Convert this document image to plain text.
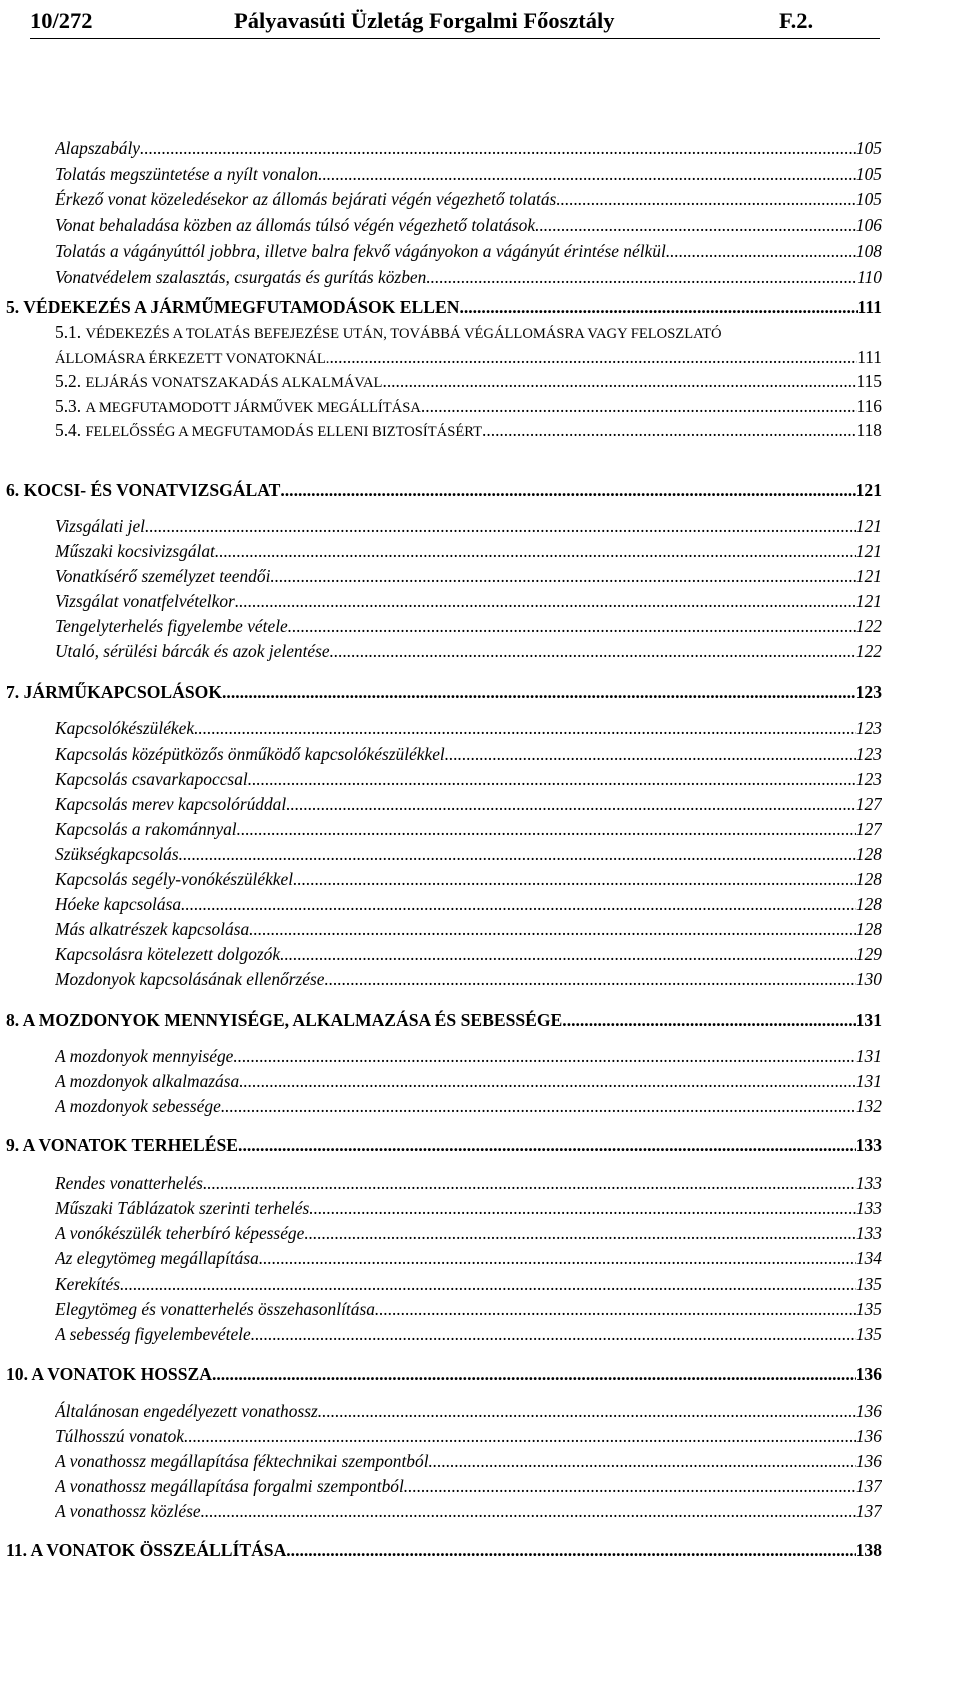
10/272	Pályavasúti Üzletág Forgalmi Főosztály	F.2.
Alapszabály .....	105
Tolatás megszüntetése a nyílt vonalon .....	105
Érkező vonat közeledésekor az állomás bejárati végén végezhető tolatás .....	105
Vonat behaladása közben az állomás túlsó végén végezhető tolatások .....	106
Tolatás a vágányúttól jobbra, illetve balra fekvő vágányokon a vágányút érintése nélkül .....	108
Vonatvédelem szalasztás, csurgatás és gurítás közben .....	110
5. VÉDEKEZÉS A JÁRMŰMEGFUTAMODÁSOK ELLEN .....	111
5.1. VÉDEKEZÉS A TOLATÁS BEFEJEZÉSE UTÁN, TOVÁBBÁ VÉGÁLLOMÁSRA VAGY FELOSZLATÓ
ÁLLOMÁSRA ÉRKEZETT VONATOKNÁL. .....	111
5.2. ELJÁRÁS VONATSZAKADÁS ALKALMÁVAL .....	115
5.3. A MEGFUTAMODOTT JÁRMŰVEK MEGÁLLÍTÁSA .....	116
5.4. FELELŐSSÉG A MEGFUTAMODÁS ELLENI BIZTOSÍTÁSÉRT .....	118
6. KOCSI- ÉS VONATVIZSGÁLAT .....	121
Vizsgálati jel .....	121
Műszaki kocsivizsgálat .....	121
Vonatkísérő személyzet teendői .....	121
Vizsgálat vonatfelvételkor .....	121
Tengelyterhelés figyelembe vétele .....	122
Utaló, sérülési bárcák és azok jelentése .....	122
7. JÁRMŰKAPCSOLÁSOK .....	123
Kapcsolókészülékek .....	123
Kapcsolás középütközős önműködő kapcsolókészülékkel .....	123
Kapcsolás csavarkapoccsal .....	123
Kapcsolás merev kapcsolórúddal .....	127
Kapcsolás a rakománnyal .....	127
Szükségkapcsolás .....	128
Kapcsolás segély-vonókészülékkel .....	128
Hóeke kapcsolása .....	128
Más alkatrészek kapcsolása .....	128
Kapcsolásra kötelezett dolgozók .....	129
Mozdonyok kapcsolásának ellenőrzése .....	130
8. A MOZDONYOK MENNYISÉGE, ALKALMAZÁSA ÉS SEBESSÉGE .....	131
A mozdonyok mennyisége .....	131
A mozdonyok alkalmazása .....	131
A mozdonyok sebessége .....	132
9. A VONATOK TERHELÉSE .....	133
Rendes vonatterhelés .....	133
Műszaki Táblázatok szerinti terhelés .....	133
A vonókészülék teherbíró képessége .....	133
Az elegytömeg megállapítása .....	134
Kerekítés .....	135
Elegytömeg és vonatterhelés összehasonlítása .....	135
A sebesség figyelembevétele .....	135
10. A VONATOK HOSSZA .....	136
Általánosan engedélyezett vonathossz .....	136
Túlhosszú vonatok .....	136
A vonathossz megállapítása féktechnikai szempontból .....	136
A vonathossz megállapítása forgalmi szempontból .....	137
A vonathossz közlése .....	137
11. A VONATOK ÖSSZEÁLLÍTÁSA .....	138
